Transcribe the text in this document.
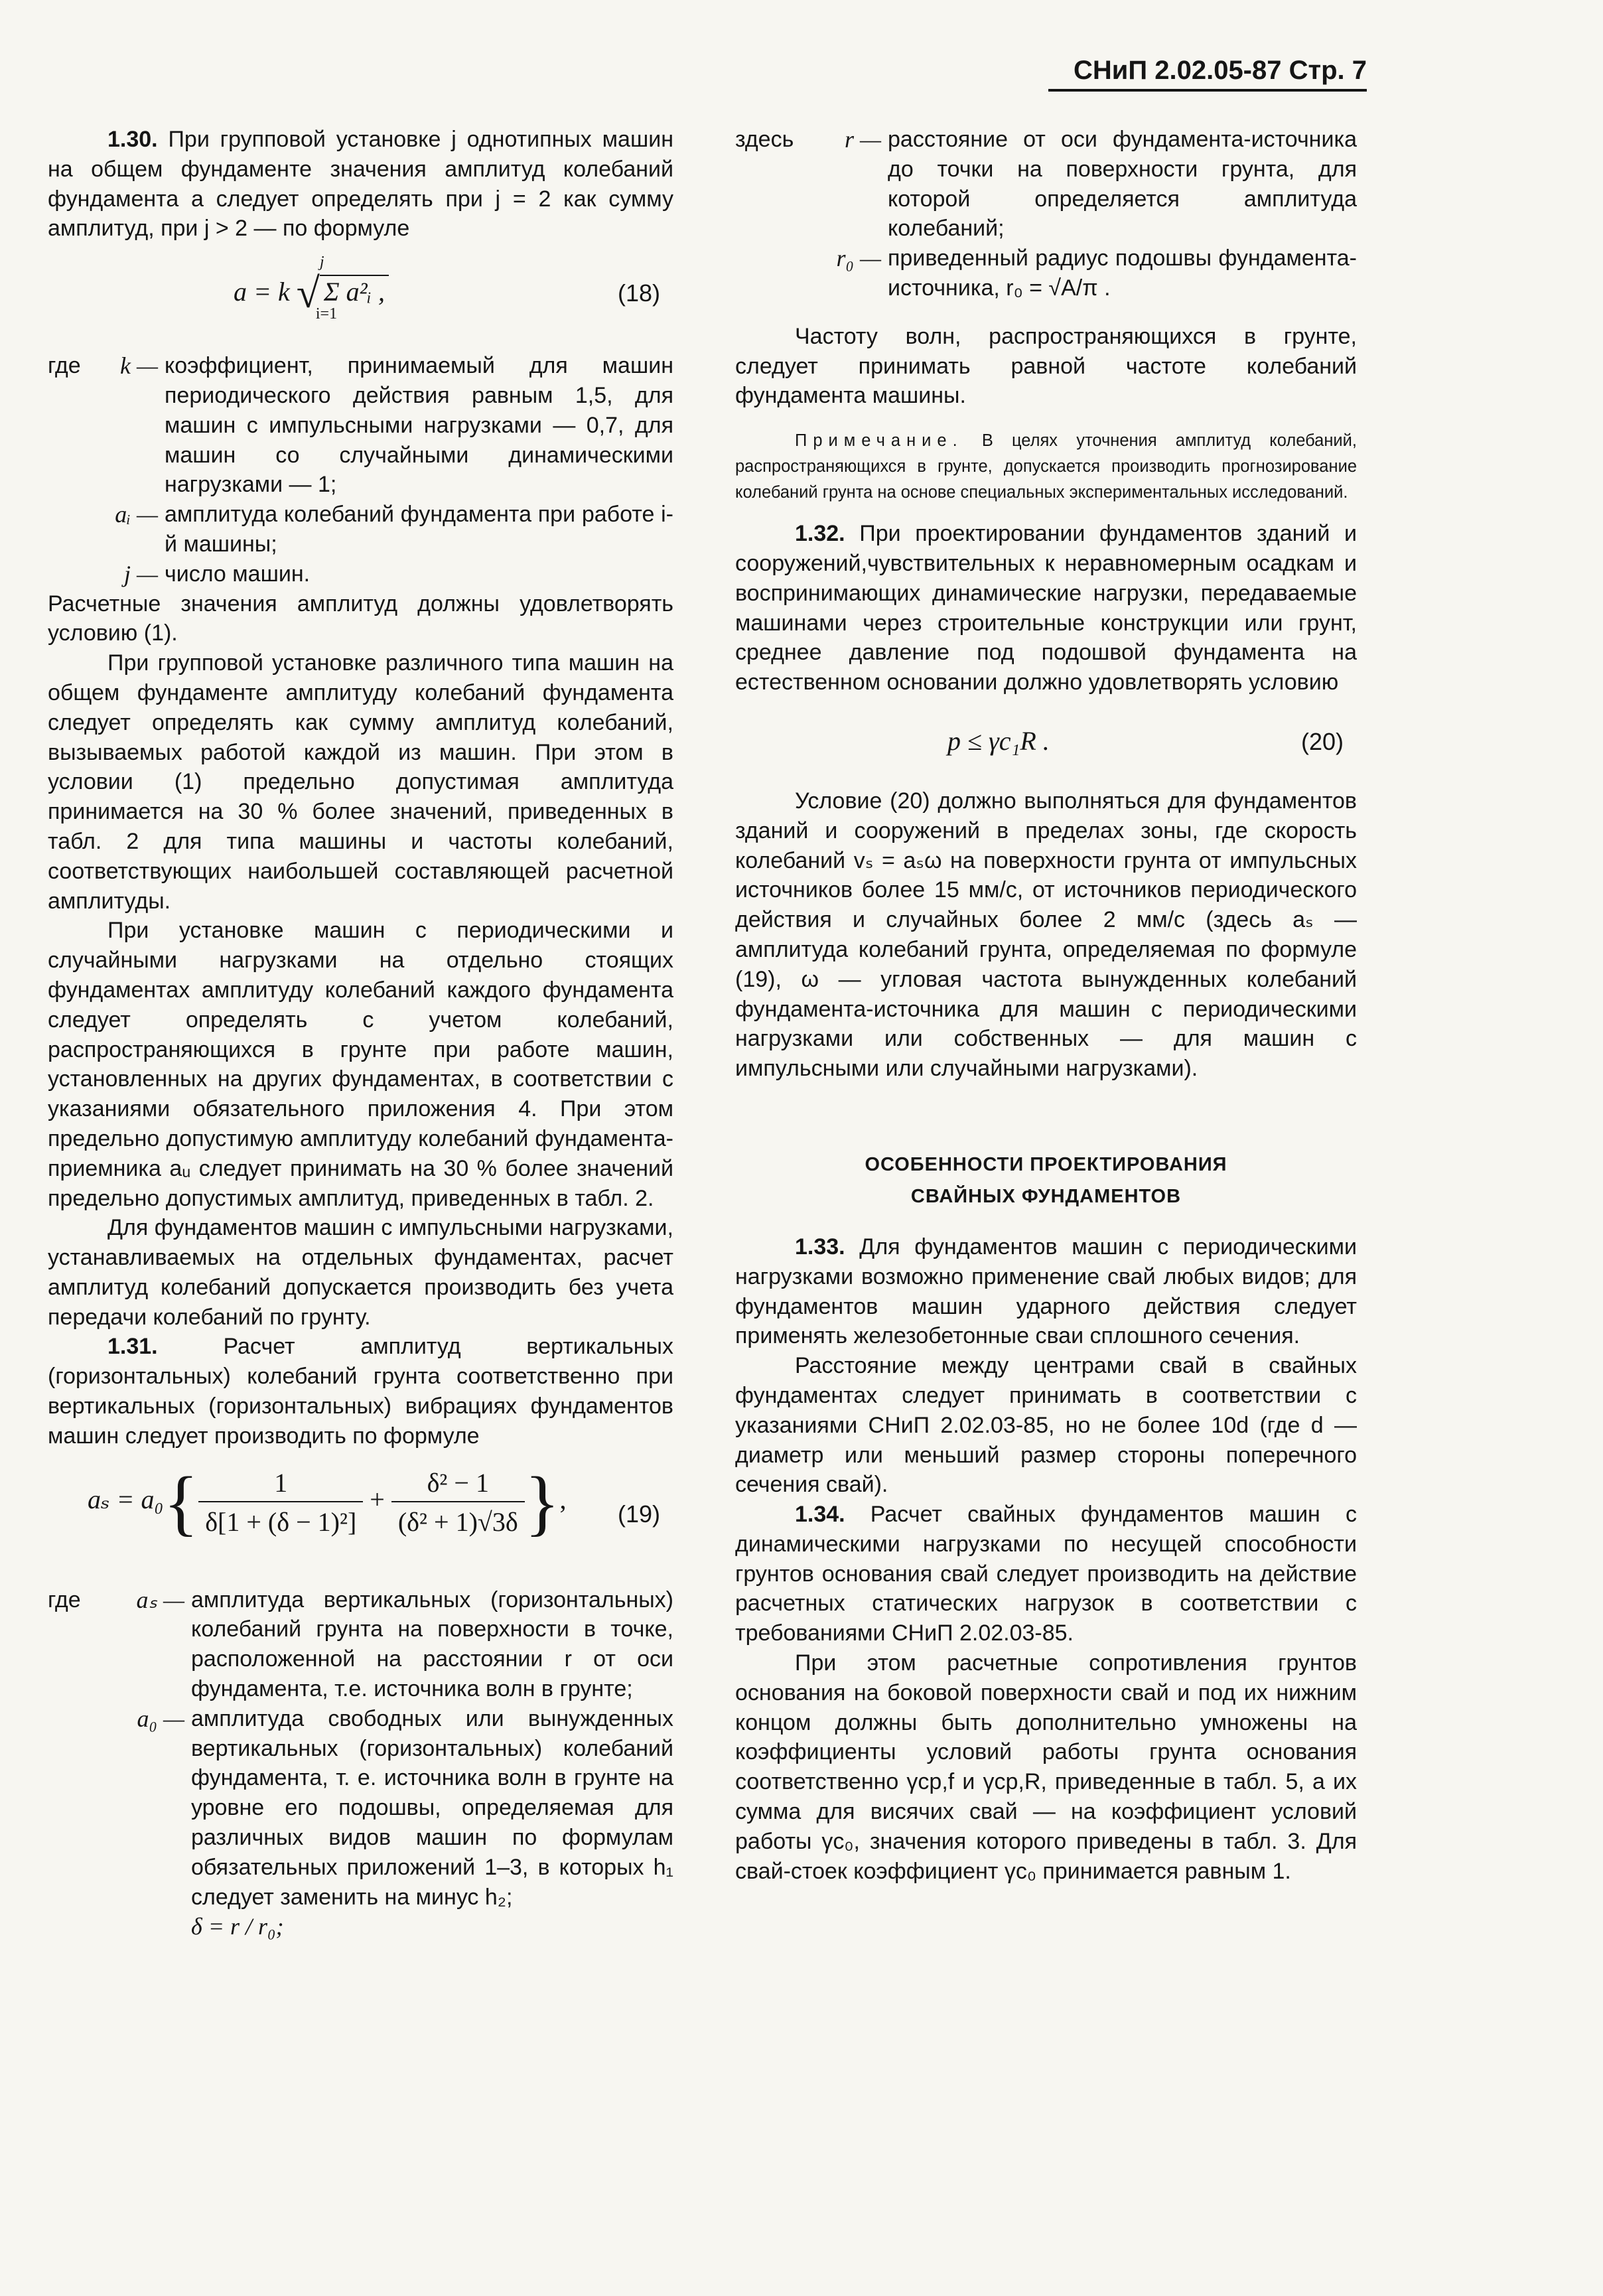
СНиП 2.02.05-87 Стр. 7

1.30. При групповой установке j однотипных машин на общем фундаменте значения амплитуд колебаний фундамента a следует определять при j = 2 как сумму амплитуд, при j > 2 — по формуле

a = k √
j
Σ a²ᵢ ,
i=1
(18)
где	k — коэффициент, принимаемый для машин периодического действия равным 1,5, для машин с импульсными нагрузками — 0,7, для машин со случайными динамическими нагрузками — 1;
aᵢ — амплитуда колебаний фундамента при работе i-й машины;
j — число машин.

Расчетные значения амплитуд должны удовлетворять условию (1).

При групповой установке различного типа машин на общем фундаменте амплитуду колебаний фундамента следует определять как сумму амплитуд колебаний, вызываемых работой каждой из машин. При этом в условии (1) предельно допустимая амплитуда принимается на 30 % более значений, приведенных в табл. 2 для типа машины и частоты колебаний, соответствующих наибольшей составляющей расчетной амплитуды.

При установке машин с периодическими и случайными нагрузками на отдельно стоящих фундаментах амплитуду колебаний каждого фундамента следует определять с учетом колебаний, распространяющихся в грунте при работе машин, установленных на других фундаментах, в соответствии с указаниями обязательного приложения 4. При этом предельно допустимую амплитуду колебаний фундамента-приемника aᵤ следует принимать на 30 % более значений предельно допустимых амплитуд, приведенных в табл. 2.

Для фундаментов машин с импульсными нагрузками, устанавливаемых на отдельных фундаментах, расчет амплитуд колебаний допускается производить без учета передачи колебаний по грунту.

1.31.	Расчет амплитуд вертикальных (горизонтальных) колебаний грунта соответственно при вертикальных (горизонтальных) вибрациях фундаментов машин следует производить по формуле

$a_s = a_0\{ \frac{1}{\text{δ[1 + (δ − 1)²]}} + \frac{\text{δ² − 1}}{\text{(δ² + 1)√3δ}}$ }, (19)
где	aₛ — амплитуда вертикальных (горизонтальных) колебаний грунта на поверхности в точке, расположенной на расстоянии r от оси фундамента, т.е. источника волн в грунте;
a₀ — амплитуда свободных или вынужденных вертикальных (горизонтальных) колебаний фундамента, т. е. источника волн в грунте на уровне его подошвы, определяемая для различных видов машин по формулам обязательных приложений 1–3, в которых h₁ следует заменить на минус h₂;
δ = r / r₀;
здесь	r — расстояние от оси фундамента-источника до точки на поверхности грунта, для которой определяется амплитуда колебаний;
r₀ — приведенный радиус подошвы фундамента-источника, r₀ = √A/π .

Частоту волн, распространяющихся в грунте, следует принимать равной частоте колебаний фундамента машины.

Примечание. В целях уточнения амплитуд колебаний, распространяющихся в грунте, допускается производить прогнозирование колебаний грунта на основе специальных экспериментальных исследований.

1.32. При проектировании фундаментов зданий и сооружений,чувствительных к неравномерным осадкам и воспринимающих динамические нагрузки, передаваемые машинами через строительные конструкции или грунт, среднее давление под подошвой фундамента на естественном основании должно удовлетворять условию

p ≤ γc₁R .	(20)

Условие (20) должно выполняться для фундаментов зданий и сооружений в пределах зоны, где скорость колебаний vₛ = aₛω на поверхности грунта от импульсных источников более 15 мм/с, от источников периодического действия и случайных более 2 мм/с (здесь aₛ — амплитуда колебаний грунта, определяемая по формуле (19), ω — угловая частота вынужденных колебаний фундамента-источника для машин с периодическими нагрузками или собственных — для машин с импульсными или случайными нагрузками).

ОСОБЕННОСТИ ПРОЕКТИРОВАНИЯ
СВАЙНЫХ ФУНДАМЕНТОВ

1.33. Для фундаментов машин с периодическими нагрузками возможно применение свай любых видов; для фундаментов машин ударного действия следует применять железобетонные сваи сплошного сечения.

Расстояние между центрами свай в свайных фундаментах следует принимать в соответствии с указаниями СНиП 2.02.03-85, но не более 10d (где d — диаметр или меньший размер стороны поперечного сечения свай).

1.34. Расчет свайных фундаментов машин с динамическими нагрузками по несущей способности грунтов основания свай следует производить на действие расчетных статических нагрузок в соответствии с требованиями СНиП 2.02.03-85.

При этом расчетные сопротивления грунтов основания на боковой поверхности свай и под их нижним концом должны быть дополнительно умножены на коэффициенты условий работы грунта основания соответственно γcp,f и γcp,R, приведенные в табл. 5, а их сумма для висячих свай — на коэффициент условий работы γc₀, значения которого приведены в табл. 3. Для свай-стоек коэффициент γc₀ принимается равным 1.
